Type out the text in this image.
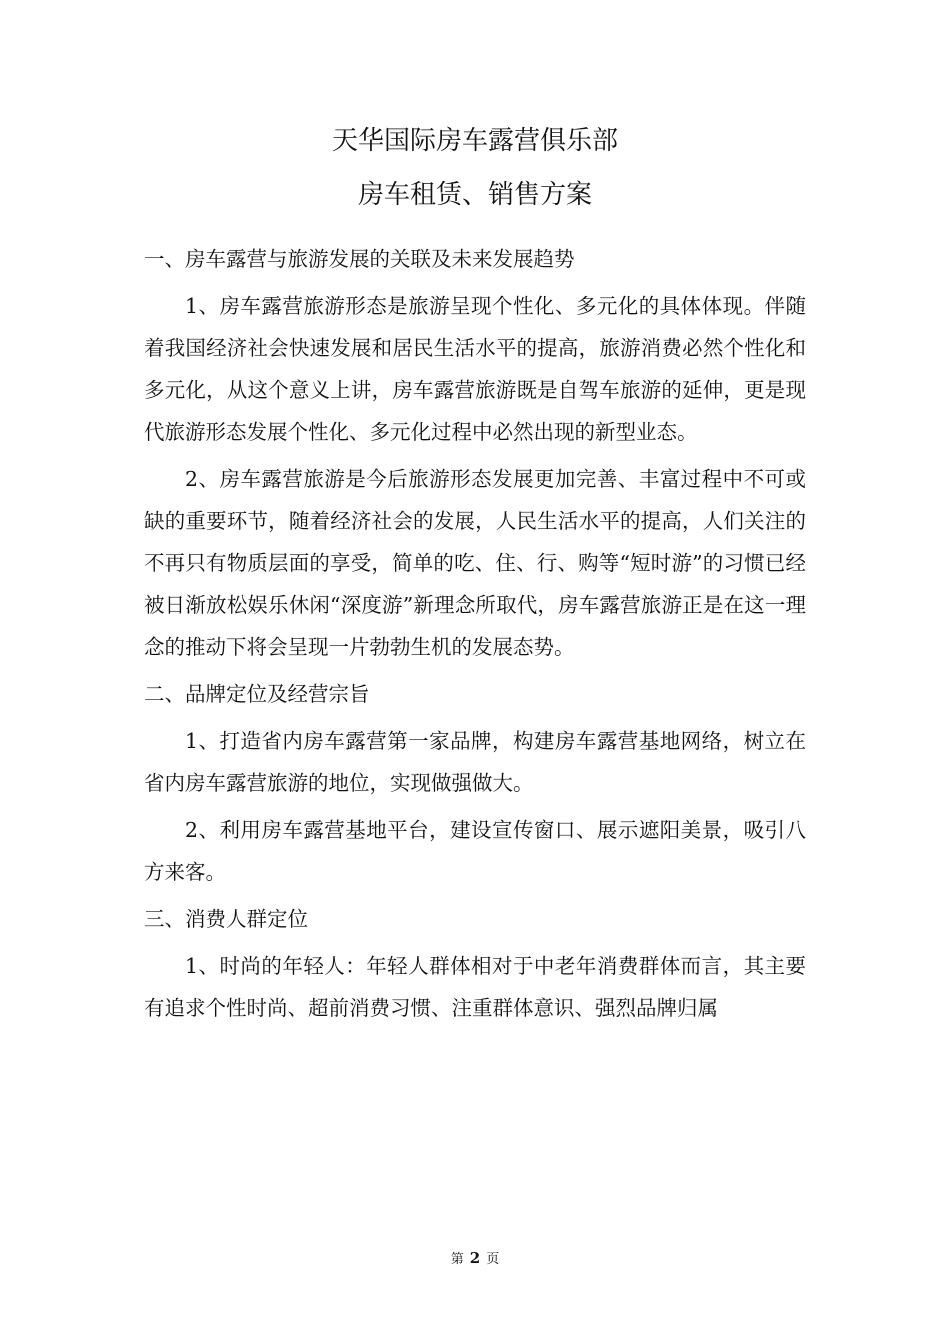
天华国际房车露营俱乐部
房车租赁、销售方案

一、房车露营与旅游发展的关联及未来发展趋势

1、房车露营旅游形态是旅游呈现个性化、多元化的具体体现。伴随着我国经济社会快速发展和居民生活水平的提高，旅游消费必然个性化和多元化，从这个意义上讲，房车露营旅游既是自驾车旅游的延伸，更是现代旅游形态发展个性化、多元化过程中必然出现的新型业态。

2、房车露营旅游是今后旅游形态发展更加完善、丰富过程中不可或缺的重要环节，随着经济社会的发展，人民生活水平的提高，人们关注的不再只有物质层面的享受，简单的吃、住、行、购等“短时游”的习惯已经被日渐放松娱乐休闲“深度游”新理念所取代，房车露营旅游正是在这一理念的推动下将会呈现一片勃勃生机的发展态势。

二、品牌定位及经营宗旨

1、打造省内房车露营第一家品牌，构建房车露营基地网络，树立在省内房车露营旅游的地位，实现做强做大。

2、利用房车露营基地平台，建设宣传窗口、展示遮阳美景，吸引八方来客。

三、消费人群定位

1、时尚的年轻人：年轻人群体相对于中老年消费群体而言，其主要有追求个性时尚、超前消费习惯、注重群体意识、强烈品牌归属

第 2 页
